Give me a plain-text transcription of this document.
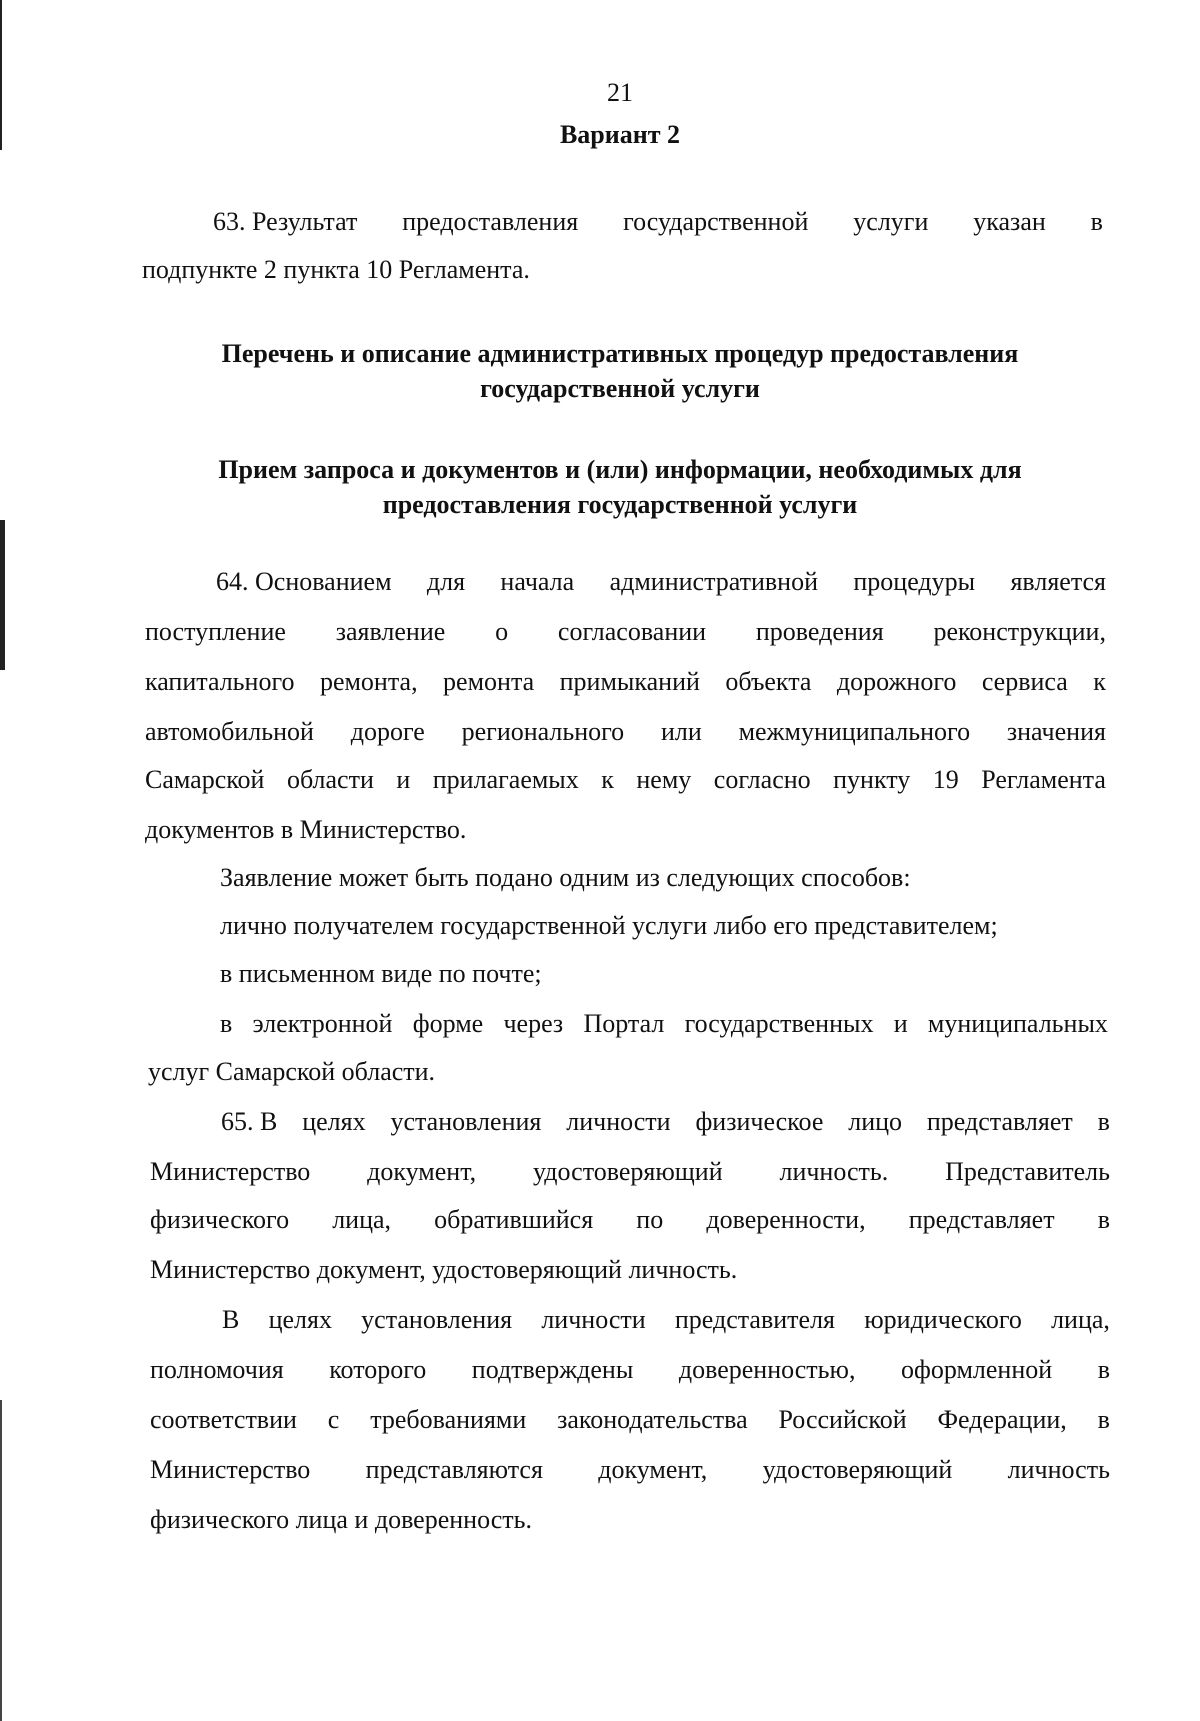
21
Вариант 2
63. Результат предоставления государственной услуги указан в
подпункте 2 пункта 10 Регламента.
Перечень и описание административных процедур предоставления государственной услуги
Прием запроса и документов и (или) информации, необходимых для предоставления государственной услуги
64. Основанием для начала административной процедуры является
поступление заявление о согласовании проведения реконструкции,
капитального ремонта, ремонта примыканий объекта дорожного сервиса к
автомобильной дороге регионального или межмуниципального значения
Самарской области и прилагаемых к нему согласно пункту 19 Регламента
документов в Министерство.
Заявление может быть подано одним из следующих способов:
лично получателем государственной услуги либо его представителем;
в письменном виде по почте;
в электронной форме через Портал государственных и муниципальных
услуг Самарской области.
65. В целях установления личности физическое лицо представляет в
Министерство документ, удостоверяющий личность. Представитель
физического лица, обратившийся по доверенности, представляет в
Министерство документ, удостоверяющий личность.
В целях установления личности представителя юридического лица,
полномочия которого подтверждены доверенностью, оформленной в
соответствии с требованиями законодательства Российской Федерации, в
Министерство представляются документ, удостоверяющий личность
физического лица и доверенность.
